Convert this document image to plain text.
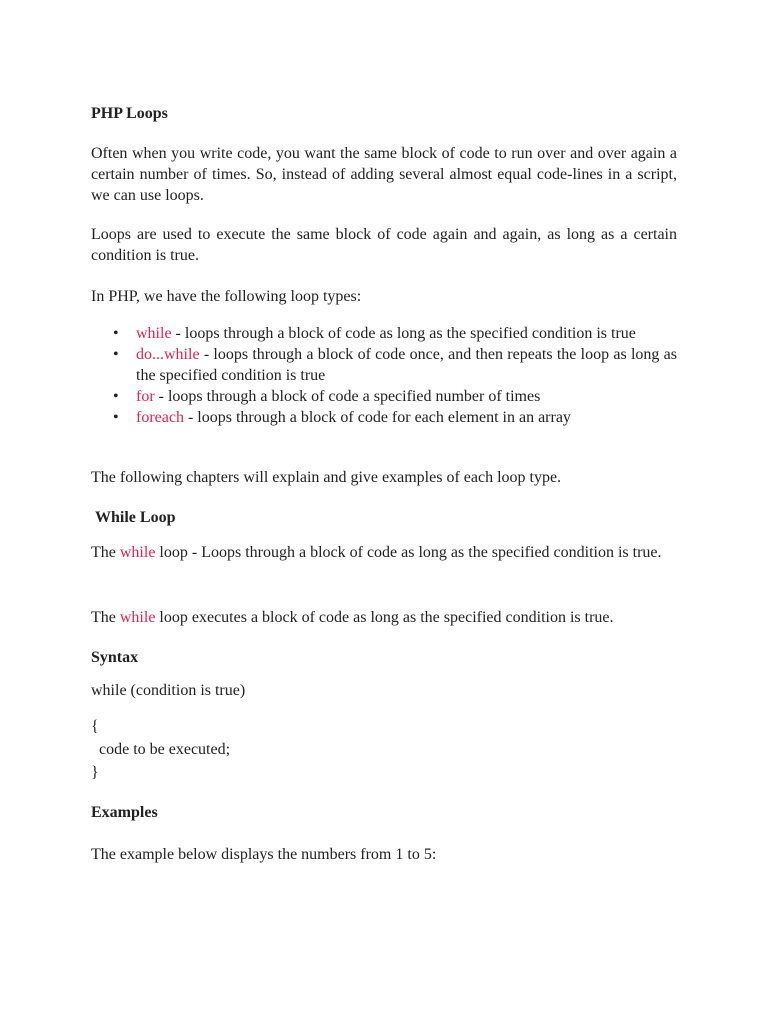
PHP Loops

Often when you write code, you want the same block of code to run over and over again a certain number of times. So, instead of adding several almost equal code-lines in a script, we can use loops.

Loops are used to execute the same block of code again and again, as long as a certain condition is true.

In PHP, we have the following loop types:

• while - loops through a block of code as long as the specified condition is true
• do...while - loops through a block of code once, and then repeats the loop as long as the specified condition is true
• for - loops through a block of code a specified number of times
• foreach - loops through a block of code for each element in an array

The following chapters will explain and give examples of each loop type.

While Loop

The while loop - Loops through a block of code as long as the specified condition is true.

The while loop executes a block of code as long as the specified condition is true.

Syntax

while (condition is true)

{
code to be executed;
}

Examples

The example below displays the numbers from 1 to 5:
